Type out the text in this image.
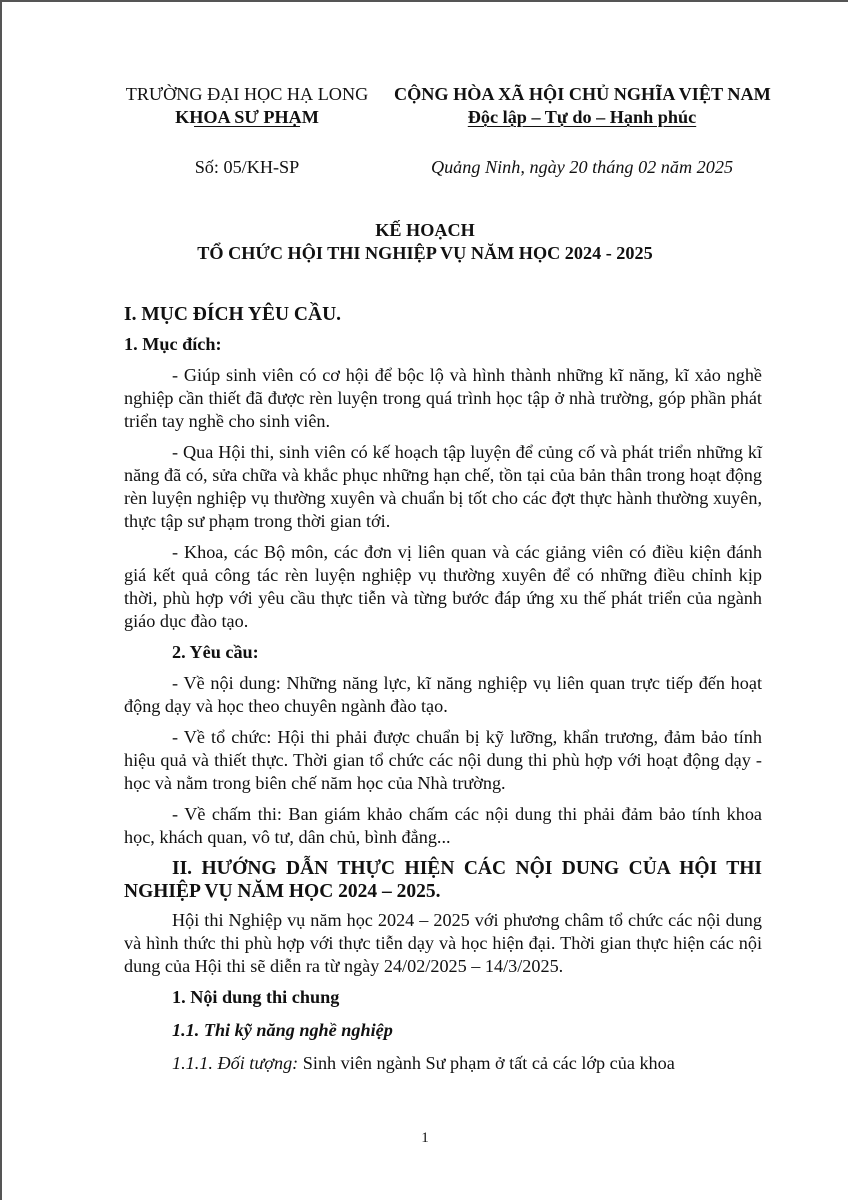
TRƯỜNG ĐẠI HỌC HẠ LONG
KHOA SƯ PHẠM
CỘNG HÒA XÃ HỘI CHỦ NGHĨA VIỆT NAM
Độc lập – Tự do – Hạnh phúc
Số: 05/KH-SP	Quảng Ninh, ngày 20 tháng 02 năm 2025
KẾ HOẠCH
TỔ CHỨC HỘI THI NGHIỆP VỤ NĂM HỌC 2024 - 2025

I. MỤC ĐÍCH YÊU CẦU.

1. Mục đích:

- Giúp sinh viên có cơ hội để bộc lộ và hình thành những kĩ năng, kĩ xảo nghề nghiệp cần thiết đã được rèn luyện trong quá trình học tập ở nhà trường, góp phần phát triển tay nghề cho sinh viên.

- Qua Hội thi, sinh viên có kế hoạch tập luyện để củng cố và phát triển những kĩ năng đã có, sửa chữa và khắc phục những hạn chế, tồn tại của bản thân trong hoạt động rèn luyện nghiệp vụ thường xuyên và chuẩn bị tốt cho các đợt thực hành thường xuyên, thực tập sư phạm trong thời gian tới.

- Khoa, các Bộ môn, các đơn vị liên quan và các giảng viên có điều kiện đánh giá kết quả công tác rèn luyện nghiệp vụ thường xuyên để có những điều chỉnh kịp thời, phù hợp với yêu cầu thực tiễn và từng bước đáp ứng xu thế phát triển của ngành giáo dục đào tạo.

2. Yêu cầu:

- Về nội dung: Những năng lực, kĩ năng nghiệp vụ liên quan trực tiếp đến hoạt động dạy và học theo chuyên ngành đào tạo.

- Về tổ chức: Hội thi phải được chuẩn bị kỹ lưỡng, khẩn trương, đảm bảo tính hiệu quả và thiết thực. Thời gian tổ chức các nội dung thi phù hợp với hoạt động dạy - học và nằm trong biên chế năm học của Nhà trường.

- Về chấm thi: Ban giám khảo chấm các nội dung thi phải đảm bảo tính khoa học, khách quan, vô tư, dân chủ, bình đẳng...

II. HƯỚNG DẪN THỰC HIỆN CÁC NỘI DUNG CỦA HỘI THI NGHIỆP VỤ NĂM HỌC 2024 – 2025.

Hội thi Nghiệp vụ năm học 2024 – 2025 với phương châm tổ chức các nội dung và hình thức thi phù hợp với thực tiễn dạy và học hiện đại. Thời gian thực hiện các nội dung của Hội thi sẽ diễn ra từ ngày 24/02/2025 – 14/3/2025.

1. Nội dung thi chung

1.1. Thi kỹ năng nghề nghiệp

1.1.1. Đối tượng: Sinh viên ngành Sư phạm ở tất cả các lớp của khoa

1
